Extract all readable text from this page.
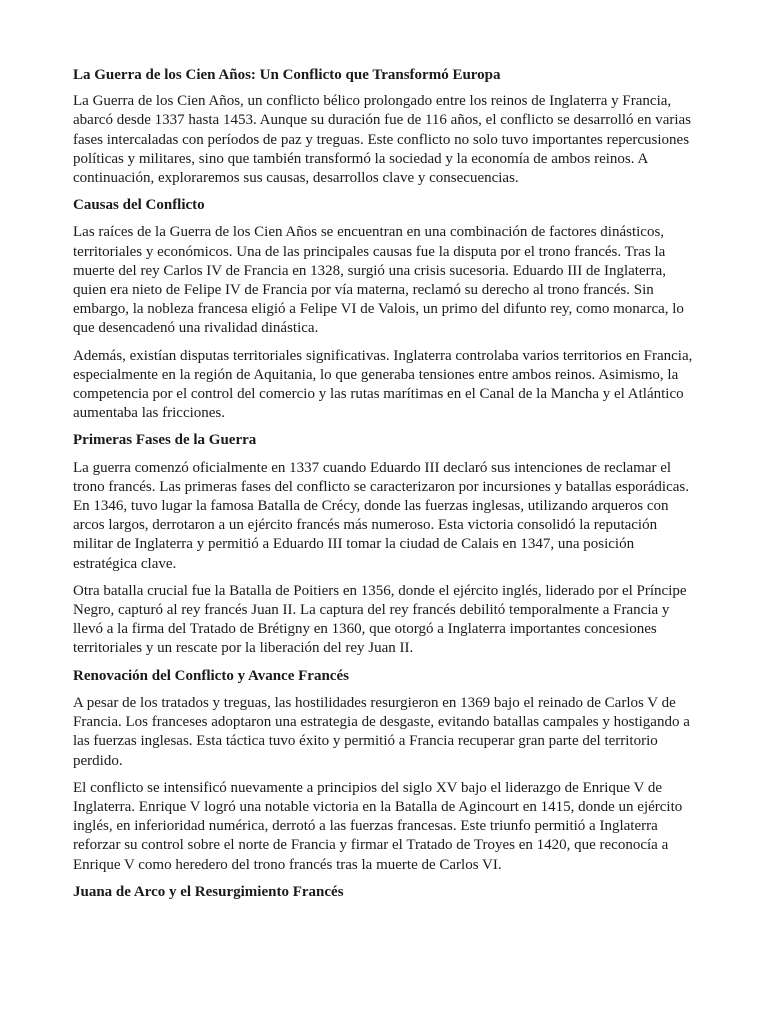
La Guerra de los Cien Años: Un Conflicto que Transformó Europa

La Guerra de los Cien Años, un conflicto bélico prolongado entre los reinos de Inglaterra y Francia, abarcó desde 1337 hasta 1453. Aunque su duración fue de 116 años, el conflicto se desarrolló en varias fases intercaladas con períodos de paz y treguas. Este conflicto no solo tuvo importantes repercusiones políticas y militares, sino que también transformó la sociedad y la economía de ambos reinos. A continuación, exploraremos sus causas, desarrollos clave y consecuencias.

Causas del Conflicto

Las raíces de la Guerra de los Cien Años se encuentran en una combinación de factores dinásticos, territoriales y económicos. Una de las principales causas fue la disputa por el trono francés. Tras la muerte del rey Carlos IV de Francia en 1328, surgió una crisis sucesoria. Eduardo III de Inglaterra, quien era nieto de Felipe IV de Francia por vía materna, reclamó su derecho al trono francés. Sin embargo, la nobleza francesa eligió a Felipe VI de Valois, un primo del difunto rey, como monarca, lo que desencadenó una rivalidad dinástica.

Además, existían disputas territoriales significativas. Inglaterra controlaba varios territorios en Francia, especialmente en la región de Aquitania, lo que generaba tensiones entre ambos reinos. Asimismo, la competencia por el control del comercio y las rutas marítimas en el Canal de la Mancha y el Atlántico aumentaba las fricciones.

Primeras Fases de la Guerra

La guerra comenzó oficialmente en 1337 cuando Eduardo III declaró sus intenciones de reclamar el trono francés. Las primeras fases del conflicto se caracterizaron por incursiones y batallas esporádicas. En 1346, tuvo lugar la famosa Batalla de Crécy, donde las fuerzas inglesas, utilizando arqueros con arcos largos, derrotaron a un ejército francés más numeroso. Esta victoria consolidó la reputación militar de Inglaterra y permitió a Eduardo III tomar la ciudad de Calais en 1347, una posición estratégica clave.

Otra batalla crucial fue la Batalla de Poitiers en 1356, donde el ejército inglés, liderado por el Príncipe Negro, capturó al rey francés Juan II. La captura del rey francés debilitó temporalmente a Francia y llevó a la firma del Tratado de Brétigny en 1360, que otorgó a Inglaterra importantes concesiones territoriales y un rescate por la liberación del rey Juan II.

Renovación del Conflicto y Avance Francés

A pesar de los tratados y treguas, las hostilidades resurgieron en 1369 bajo el reinado de Carlos V de Francia. Los franceses adoptaron una estrategia de desgaste, evitando batallas campales y hostigando a las fuerzas inglesas. Esta táctica tuvo éxito y permitió a Francia recuperar gran parte del territorio perdido.

El conflicto se intensificó nuevamente a principios del siglo XV bajo el liderazgo de Enrique V de Inglaterra. Enrique V logró una notable victoria en la Batalla de Agincourt en 1415, donde un ejército inglés, en inferioridad numérica, derrotó a las fuerzas francesas. Este triunfo permitió a Inglaterra reforzar su control sobre el norte de Francia y firmar el Tratado de Troyes en 1420, que reconocía a Enrique V como heredero del trono francés tras la muerte de Carlos VI.

Juana de Arco y el Resurgimiento Francés
